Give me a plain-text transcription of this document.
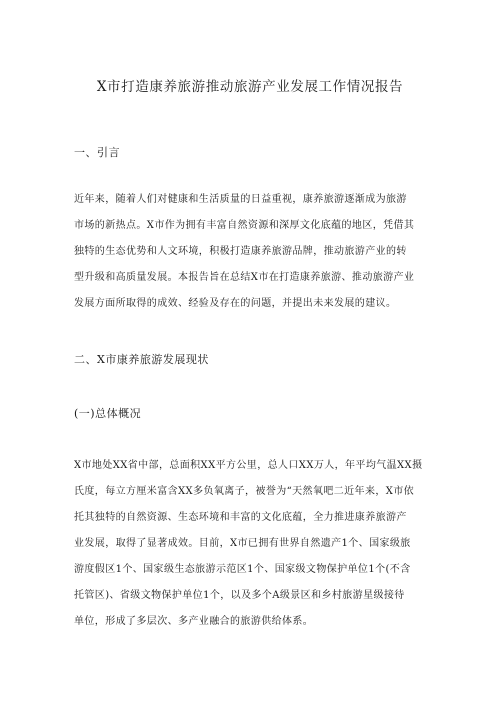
X市打造康养旅游推动旅游产业发展工作情况报告
一、引言
近年来，随着人们对健康和生活质量的日益重视，康养旅游逐渐成为旅游
市场的新热点。X市作为拥有丰富自然资源和深厚文化底蕴的地区，凭借其
独特的生态优势和人文环境，积极打造康养旅游品牌，推动旅游产业的转
型升级和高质量发展。本报告旨在总结X市在打造康养旅游、推动旅游产业
发展方面所取得的成效、经验及存在的问题，并提出未来发展的建议。
二、X市康养旅游发展现状
(一)总体概况
X市地处XX省中部，总面积XX平方公里，总人口XX万人，年平均气温XX摄
氏度，每立方厘米富含XX多负氧离子，被誉为“天然氧吧二近年来，X市依
托其独特的自然资源、生态环境和丰富的文化底蕴，全力推进康养旅游产
业发展，取得了显著成效。目前，X市已拥有世界自然遗产1个、国家级旅
游度假区1个、国家级生态旅游示范区1个、国家级文物保护单位1个(不含
托管区)、省级文物保护单位1个，以及多个A级景区和乡村旅游星级接待
单位，形成了多层次、多产业融合的旅游供给体系。
